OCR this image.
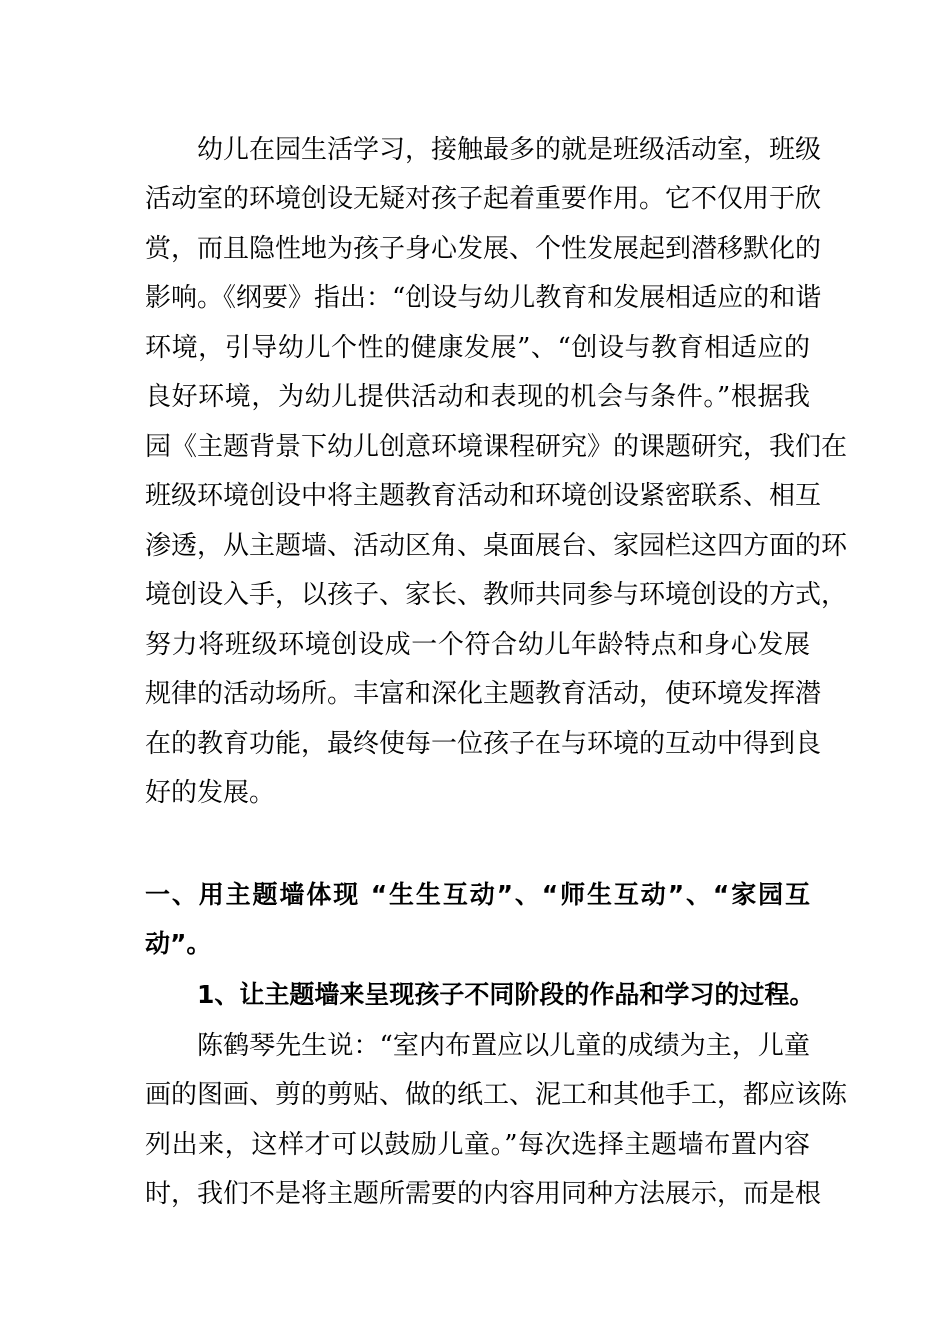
幼儿在园生活学习，接触最多的就是班级活动室，班级
活动室的环境创设无疑对孩子起着重要作用。它不仅用于欣
赏，而且隐性地为孩子身心发展、个性发展起到潜移默化的
影响。《纲要》指出：“创设与幼儿教育和发展相适应的和谐
环境，引导幼儿个性的健康发展”、“创设与教育相适应的
良好环境，为幼儿提供活动和表现的机会与条件。”根据我
园《主题背景下幼儿创意环境课程研究》的课题研究，我们在
班级环境创设中将主题教育活动和环境创设紧密联系、相互
渗透，从主题墙、活动区角、桌面展台、家园栏这四方面的环
境创设入手，以孩子、家长、教师共同参与环境创设的方式，
努力将班级环境创设成一个符合幼儿年龄特点和身心发展
规律的活动场所。丰富和深化主题教育活动，使环境发挥潜
在的教育功能，最终使每一位孩子在与环境的互动中得到良
好的发展。
一、用主题墙体现 “生生互动”、“师生互动”、“家园互
动”。
1、让主题墙来呈现孩子不同阶段的作品和学习的过程。
陈鹤琴先生说：“室内布置应以儿童的成绩为主，儿童
画的图画、剪的剪贴、做的纸工、泥工和其他手工，都应该陈
列出来，这样才可以鼓励儿童。”每次选择主题墙布置内容
时，我们不是将主题所需要的内容用同种方法展示，而是根
